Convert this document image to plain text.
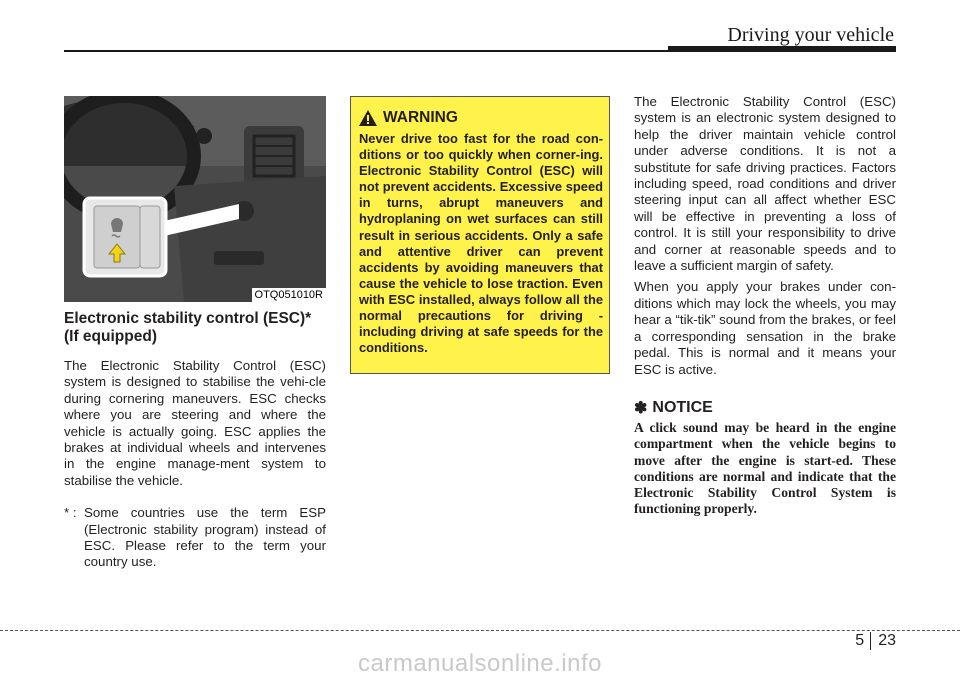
Driving your vehicle
OTQ051010R
Electronic stability control (ESC)* (If equipped)

The Electronic Stability Control (ESC) system is designed to stabilise the vehi-cle during cornering maneuvers. ESC checks where you are steering and where the vehicle is actually going. ESC applies the brakes at individual wheels and intervenes in the engine manage-ment system to stabilise the vehicle.

* : Some countries use the term ESP (Electronic stability program) instead of ESC. Please refer to the term your country use.
WARNING

Never drive too fast for the road con-ditions or too quickly when corner-ing. Electronic Stability Control (ESC) will not prevent accidents. Excessive speed in turns, abrupt maneuvers and hydroplaning on wet surfaces can still result in serious accidents. Only a safe and attentive driver can prevent accidents by avoiding maneuvers that cause the vehicle to lose traction. Even with ESC installed, always follow all the normal precautions for driving - including driving at safe speeds for the conditions.

The Electronic Stability Control (ESC) system is an electronic system designed to help the driver maintain vehicle control under adverse conditions. It is not a substitute for safe driving practices. Factors including speed, road conditions and driver steering input can all affect whether ESC will be effective in preventing a loss of control. It is still your responsibility to drive and corner at reasonable speeds and to leave a sufficient margin of safety.

When you apply your brakes under con-ditions which may lock the wheels, you may hear a “tik-tik” sound from the brakes, or feel a corresponding sensation in the brake pedal. This is normal and it means your ESC is active.

✽ NOTICE

A click sound may be heard in the engine compartment when the vehicle begins to move after the engine is start-ed. These conditions are normal and indicate that the Electronic Stability Control System is functioning properly.

5 23
carmanualsonline.info
